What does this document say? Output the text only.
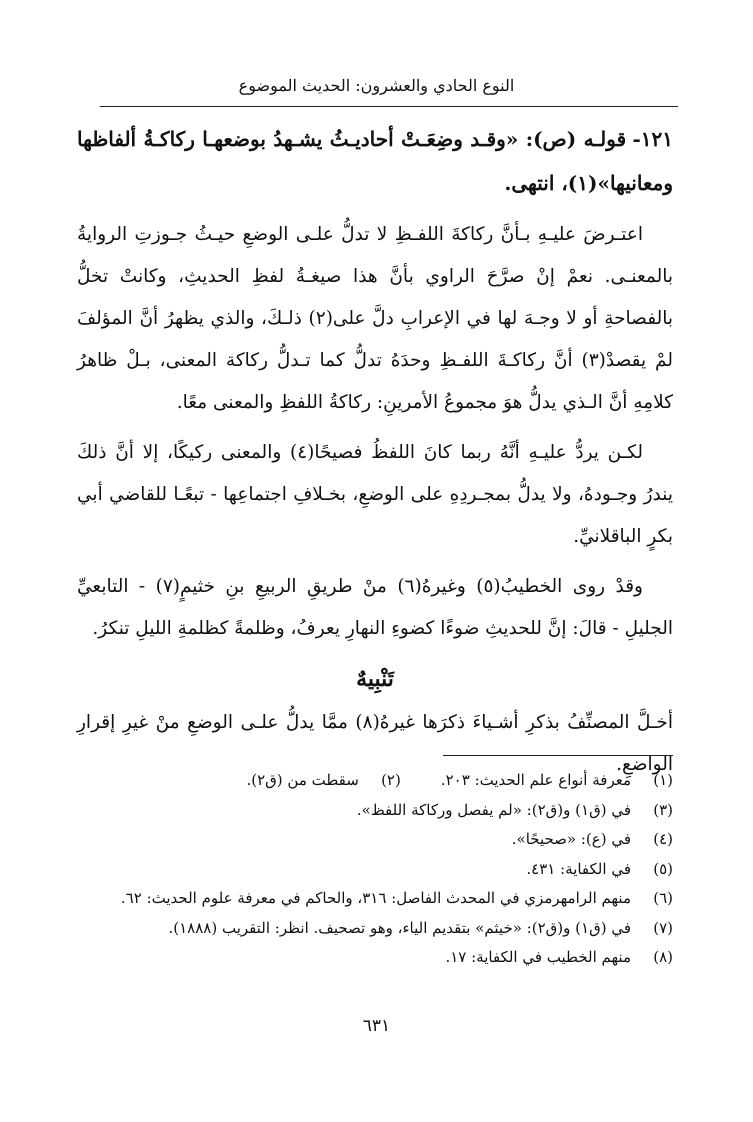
النوع الحادي والعشرون: الحديث الموضوع

١٢١- قولـه (ص): «وقـد وضِعَـتْ أحاديـثُ يشـهدُ بوضعهـا ركاكـةُ ألفاظها ومعانيها»(١)، انتهى.

اعتـرضَ عليـهِ بـأنَّ ركاكةَ اللفـظِ لا تدلُّ علـى الوضعِ حيـثُ جـوزتِ الروايةُ بالمعنـى. نعمْ إنْ صرَّحَ الراوي بأنَّ هذا صيغـةُ لفظِ الحديثِ، وكانتْ تخلُّ بالفصاحةِ أو لا وجـهَ لها في الإعرابِ دلَّ على(٢) ذلـكَ، والذي يظهرُ أنَّ المؤلفَ لمْ يقصدْ(٣) أنَّ ركاكـةَ اللفـظِ وحدَهُ تدلُّ كما تـدلُّ ركاكة المعنى، بـلْ ظاهرُ كلامِهِ أنَّ الـذي يدلُّ هوَ مجموعُ الأمرينِ: ركاكةُ اللفظِ والمعنى معًا.

لكـن يردُّ عليـهِ أنَّهُ ربما كانَ اللفظُ فصيحًا(٤) والمعنى ركيكًا، إلا أنَّ ذلكَ يندرُ وجـودهُ، ولا يدلُّ بمجـردِهِ على الوضعِ، بخـلافِ اجتماعِها - تبعًـا للقاضي أبي بكرٍ الباقلانيِّ.

وقدْ روى الخطيبُ(٥) وغيرهُ(٦) منْ طريقِ الربيعِ بنِ خثيمٍ(٧) - التابعيِّ الجليلِ - قالَ: إنَّ للحديثِ ضوءًا كضوءِ النهارِ يعرفُ، وظلمةً كظلمةِ الليلِ تنكرُ.

تَنْبِيهٌ

أخـلَّ المصنِّفُ بذكرِ أشـياءَ ذكرَها غيرهُ(٨) ممَّا يدلُّ علـى الوضعِ منْ غيرِ إقرارِ الواضعِ.

(١)معرفة أنواع علم الحديث: ٢٠٣.(٢)سقطت من (ق٢).
(٣)في (ق١) و(ق٢): «لم يفصل وركاكة اللفظ».
(٤)في (ع): «صحيحًا».
(٥)في الكفاية: ٤٣١.
(٦)منهم الرامهرمزي في المحدث الفاصل: ٣١٦، والحاكم في معرفة علوم الحديث: ٦٢.
(٧)في (ق١) و(ق٢): «خيثم» بتقديم الياء، وهو تصحيف. انظر: التقريب (١٨٨٨).
(٨)منهم الخطيب في الكفاية: ١٧.
٦٣١
